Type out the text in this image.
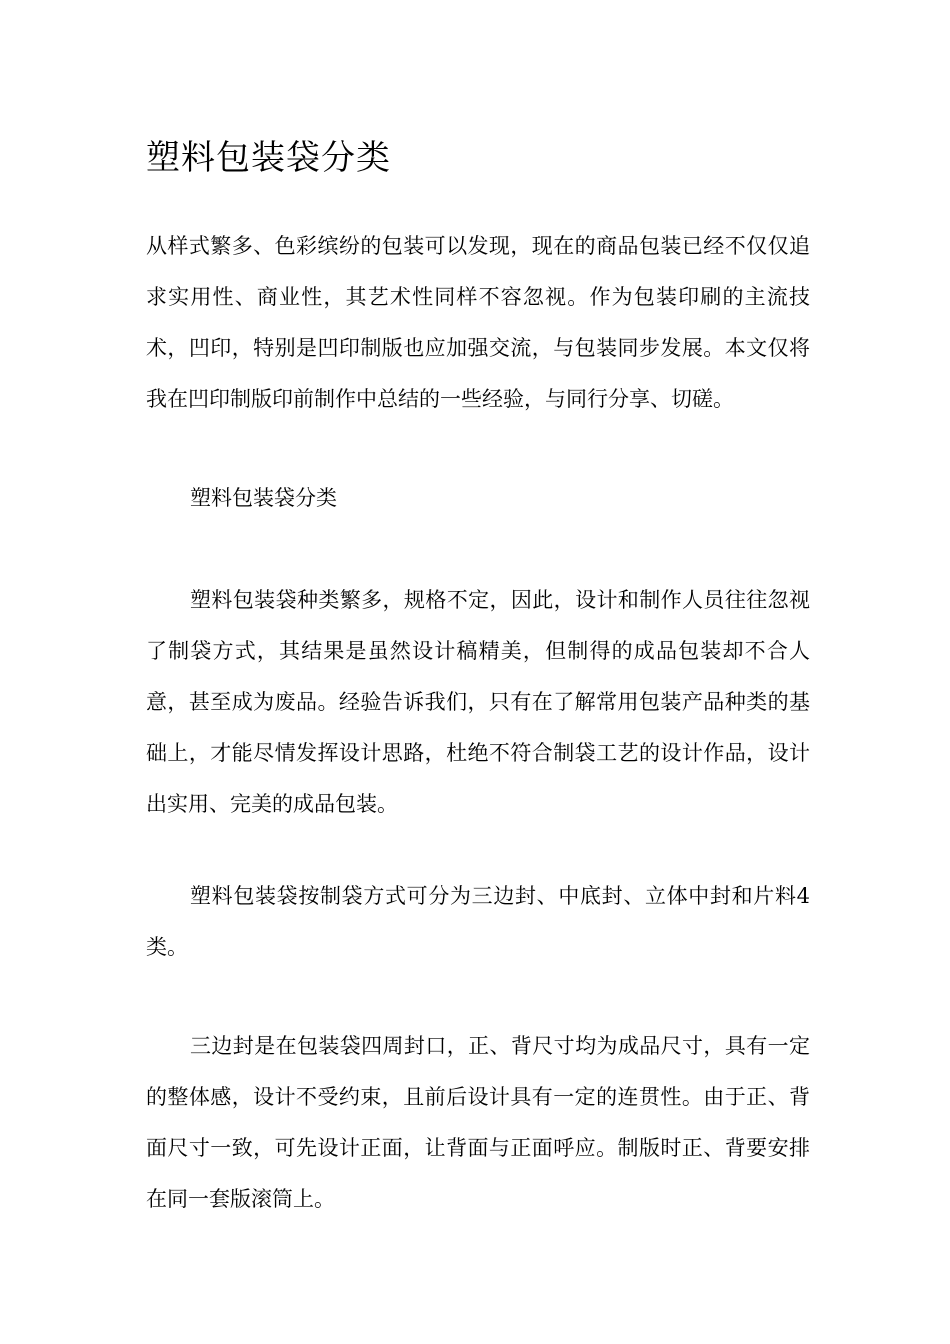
塑料包装袋分类

从样式繁多、色彩缤纷的包装可以发现，现在的商品包装已经不仅仅追求实用性、商业性，其艺术性同样不容忽视。作为包装印刷的主流技术，凹印，特别是凹印制版也应加强交流，与包装同步发展。本文仅将我在凹印制版印前制作中总结的一些经验，与同行分享、切磋。

塑料包装袋分类

塑料包装袋种类繁多，规格不定，因此，设计和制作人员往往忽视了制袋方式，其结果是虽然设计稿精美，但制得的成品包装却不合人意，甚至成为废品。经验告诉我们，只有在了解常用包装产品种类的基础上，才能尽情发挥设计思路，杜绝不符合制袋工艺的设计作品，设计出实用、完美的成品包装。

塑料包装袋按制袋方式可分为三边封、中底封、立体中封和片料4类。

三边封是在包装袋四周封口，正、背尺寸均为成品尺寸，具有一定的整体感，设计不受约束，且前后设计具有一定的连贯性。由于正、背面尺寸一致，可先设计正面，让背面与正面呼应。制版时正、背要安排在同一套版滚筒上。
